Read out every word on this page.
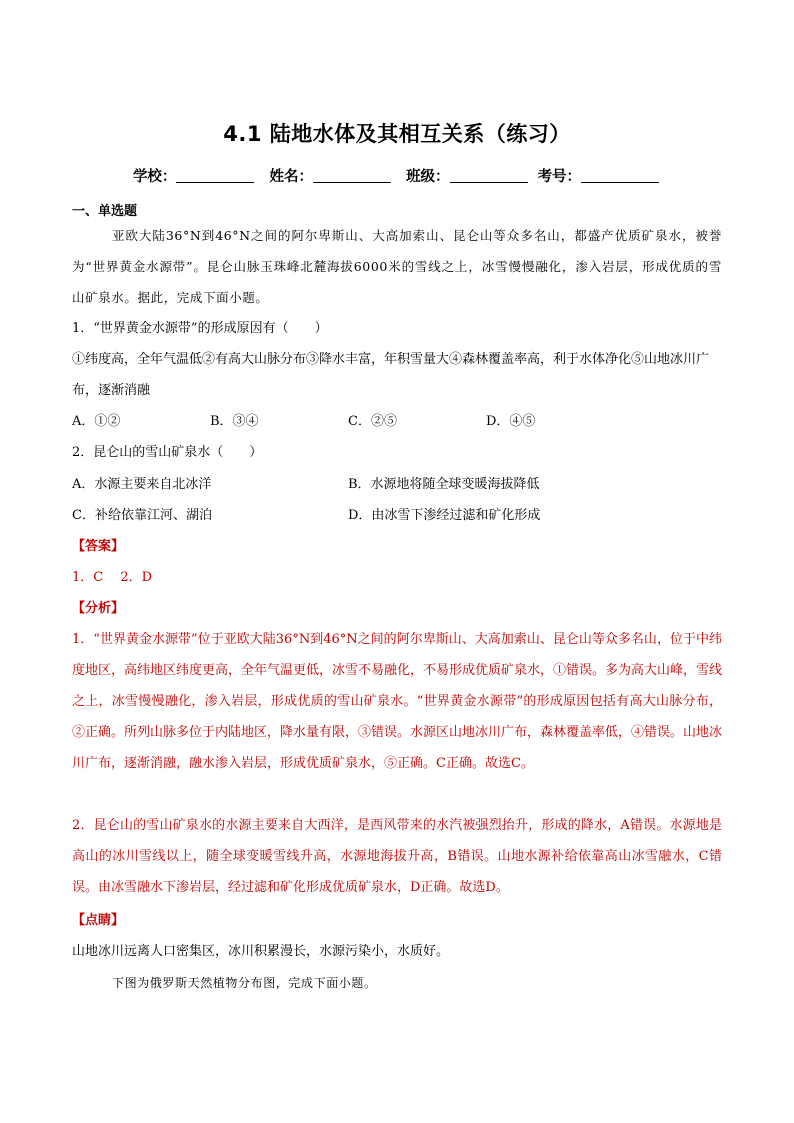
4.1 陆地水体及其相互关系（练习）
学校：	姓名：	班级：	考号：
一、单选题
亚欧大陆36°N到46°N之间的阿尔卑斯山、大高加索山、昆仑山等众多名山，都盛产优质矿泉水，被誉为“世界黄金水源带”。昆仑山脉玉珠峰北麓海拔6000米的雪线之上，冰雪慢慢融化，渗入岩层，形成优质的雪山矿泉水。据此，完成下面小题。
1．“世界黄金水源带”的形成原因有（　　）
①纬度高，全年气温低②有高大山脉分布③降水丰富，年积雪量大④森林覆盖率高，利于水体净化⑤山地冰川广布，逐渐消融
A．①②	B．③④	C．②⑤	D．④⑤
2．昆仑山的雪山矿泉水（　　）
A．水源主要来自北冰洋	B．水源地将随全球变暖海拔降低
C．补给依靠江河、湖泊	D．由冰雪下渗经过滤和矿化形成
【答案】
1．C　 2．D
【分析】
1．“世界黄金水源带”位于亚欧大陆36°N到46°N之间的阿尔卑斯山、大高加索山、昆仑山等众多名山，位于中纬度地区，高纬地区纬度更高，全年气温更低，冰雪不易融化，不易形成优质矿泉水，①错误。多为高大山峰，雪线之上，冰雪慢慢融化，渗入岩层，形成优质的雪山矿泉水。“世界黄金水源带”的形成原因包括有高大山脉分布，②正确。所列山脉多位于内陆地区，降水量有限，③错误。水源区山地冰川广布，森林覆盖率低，④错误。山地冰川广布，逐渐消融，融水渗入岩层，形成优质矿泉水，⑤正确。C正确。故选C。
2．昆仑山的雪山矿泉水的水源主要来自大西洋，是西风带来的水汽被强烈抬升，形成的降水，A错误。水源地是高山的冰川雪线以上，随全球变暖雪线升高，水源地海拔升高，B错误。山地水源补给依靠高山冰雪融水，C错误。由冰雪融水下渗岩层，经过滤和矿化形成优质矿泉水，D正确。故选D。
【点睛】
山地冰川远离人口密集区，冰川积累漫长，水源污染小，水质好。
下图为俄罗斯天然植物分布图，完成下面小题。
